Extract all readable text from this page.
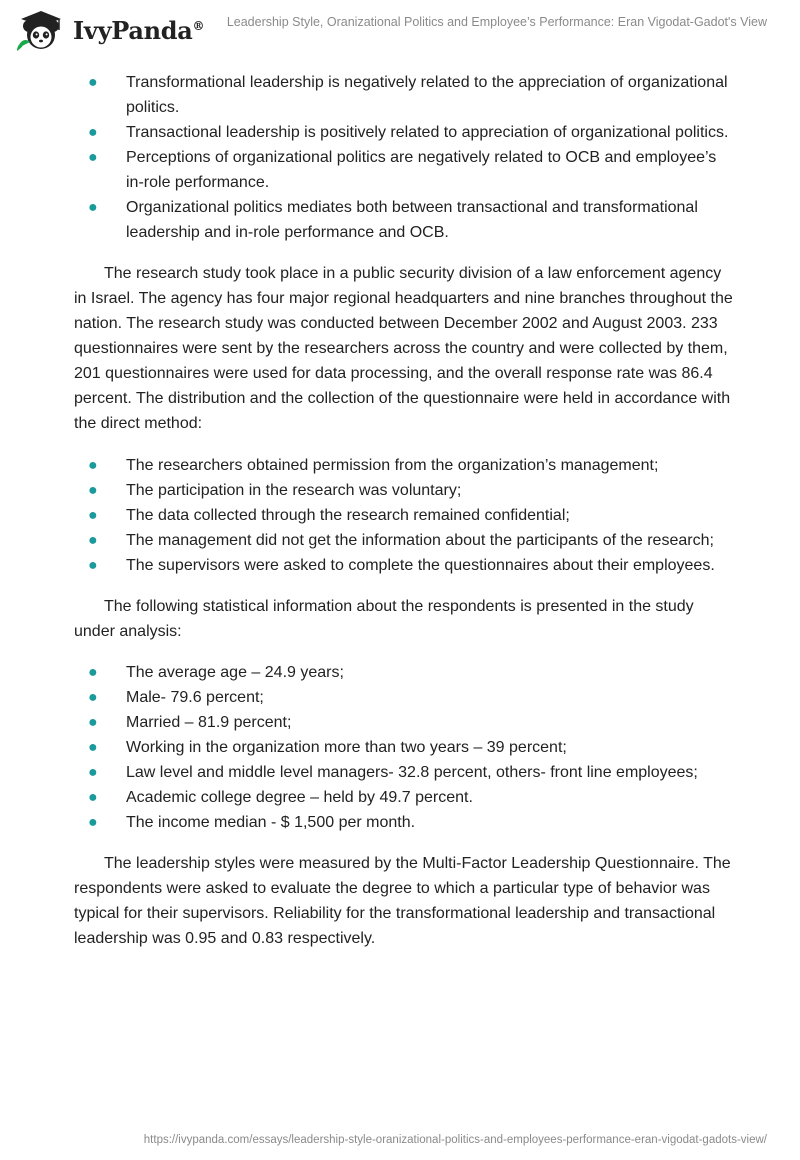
IvyPanda® Leadership Style, Oranizational Politics and Employee’s Performance: Eran Vigodat-Gadot's View
● Transformational leadership is negatively related to the appreciation of organizational politics.
● Transactional leadership is positively related to appreciation of organizational politics.
● Perceptions of organizational politics are negatively related to OCB and employee’s in-role performance.
● Organizational politics mediates both between transactional and transformational leadership and in-role performance and OCB.

The research study took place in a public security division of a law enforcement agency in Israel. The agency has four major regional headquarters and nine branches throughout the nation. The research study was conducted between December 2002 and August 2003. 233 questionnaires were sent by the researchers across the country and were collected by them, 201 questionnaires were used for data processing, and the overall response rate was 86.4 percent. The distribution and the collection of the questionnaire were held in accordance with the direct method:

● The researchers obtained permission from the organization’s management;
● The participation in the research was voluntary;
● The data collected through the research remained confidential;
● The management did not get the information about the participants of the research;
● The supervisors were asked to complete the questionnaires about their employees.

The following statistical information about the respondents is presented in the study under analysis:

● The average age – 24.9 years;
● Male- 79.6 percent;
● Married – 81.9 percent;
● Working in the organization more than two years – 39 percent;
● Law level and middle level managers- 32.8 percent, others- front line employees;
● Academic college degree – held by 49.7 percent.
● The income median - $ 1,500 per month.

The leadership styles were measured by the Multi-Factor Leadership Questionnaire. The respondents were asked to evaluate the degree to which a particular type of behavior was typical for their supervisors. Reliability for the transformational leadership and transactional leadership was 0.95 and 0.83 respectively.

https://ivypanda.com/essays/leadership-style-oranizational-politics-and-employees-performance-eran-vigodat-gadots-view/
